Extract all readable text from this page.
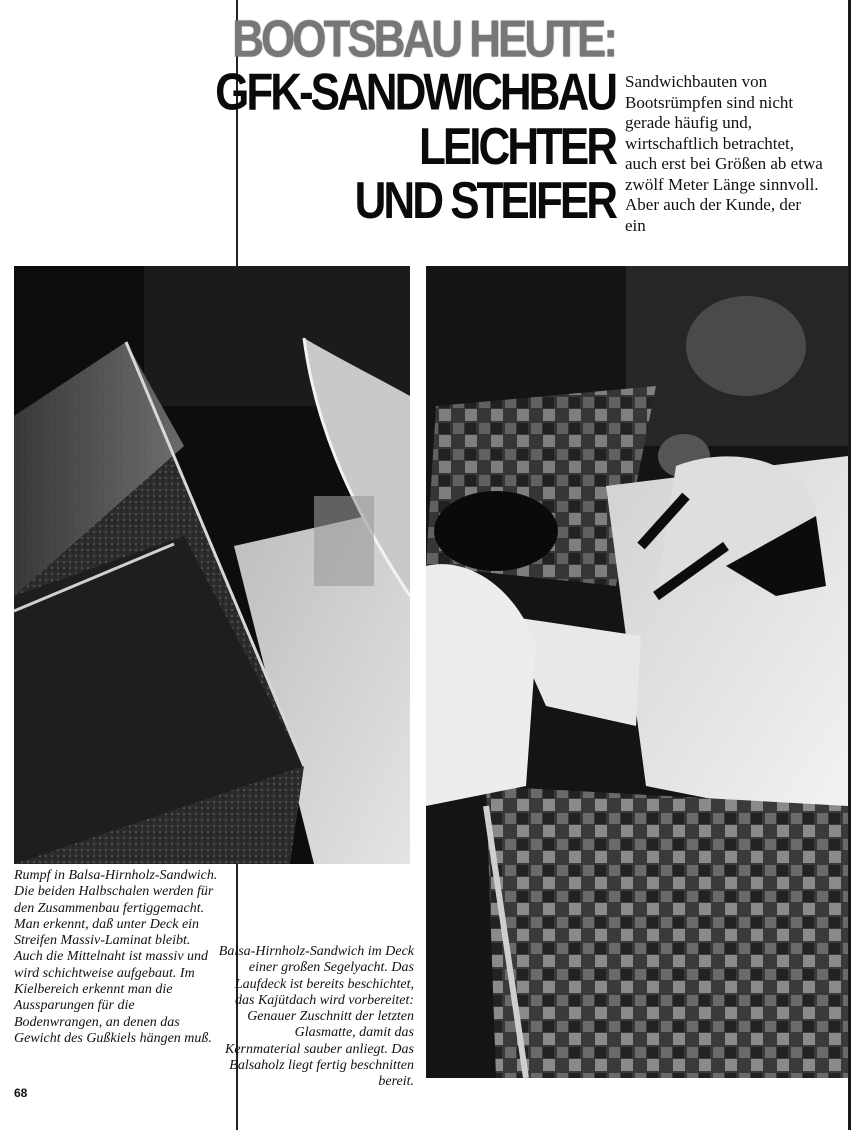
BOOTSBAU HEUTE:
GFK-SANDWICHBAU
LEICHTER
UND STEIFER
Sandwichbauten von Bootsrümpfen sind nicht gerade häufig und, wirtschaftlich betrachtet, auch erst bei Größen ab etwa zwölf Meter Länge sinnvoll. Aber auch der Kunde, der ein
Rumpf in Balsa-Hirnholz-Sandwich. Die beiden Halbschalen werden für den Zusammenbau fertiggemacht. Man erkennt, daß unter Deck ein Streifen Massiv-Laminat bleibt. Auch die Mittelnaht ist massiv und wird schichtweise aufgebaut. Im Kielbereich erkennt man die Aussparungen für die Bodenwrangen, an denen das Gewicht des Gußkiels hängen muß.
Balsa-Hirnholz-Sandwich im Deck einer großen Segelyacht. Das Laufdeck ist bereits beschichtet, das Kajütdach wird vorbereitet: Genauer Zuschnitt der letzten Glasmatte, damit das Kernmaterial sauber anliegt. Das Balsaholz liegt fertig beschnitten bereit.
68
